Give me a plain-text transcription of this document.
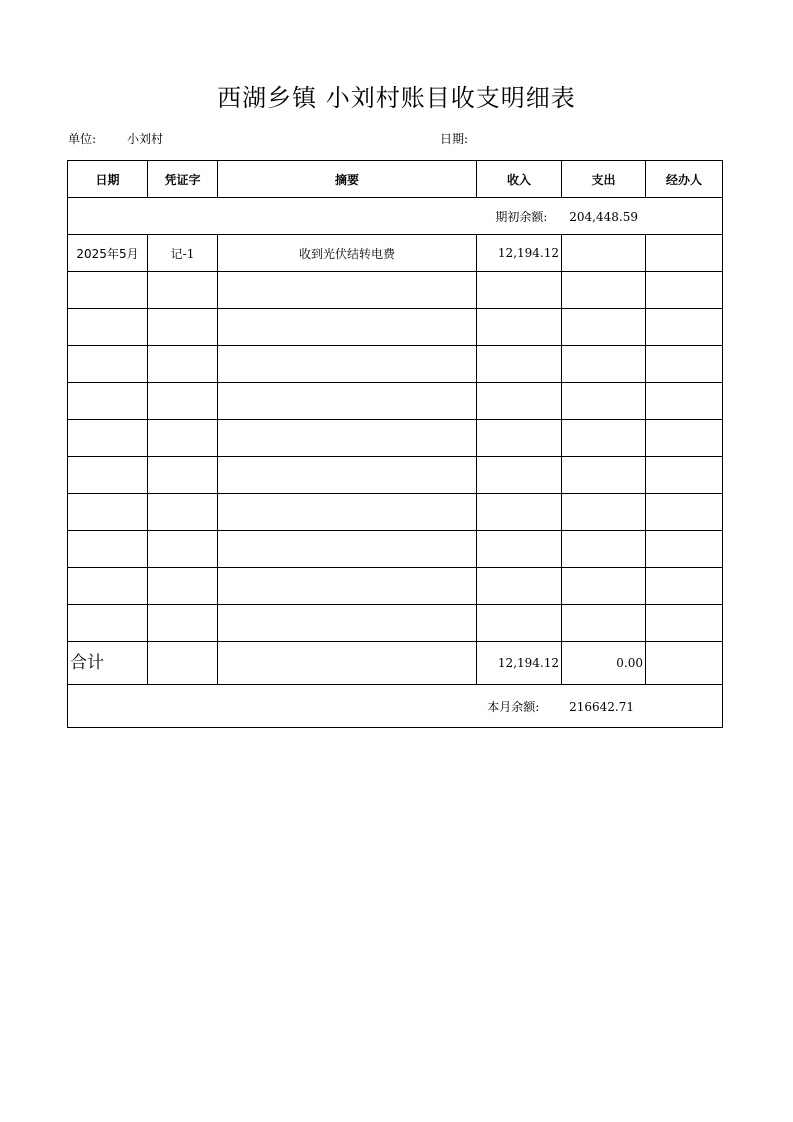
西湖乡镇 小刘村账目收支明细表
单位:	小刘村	日期:
日期	凭证字	摘要	收入	支出	经办人
期初余额: 204,448.59					
2025年5月	记-1	收到光伏结转电费	12,194.12		

合计			12,194.12	0.00	
本月余额: 216642.71					
